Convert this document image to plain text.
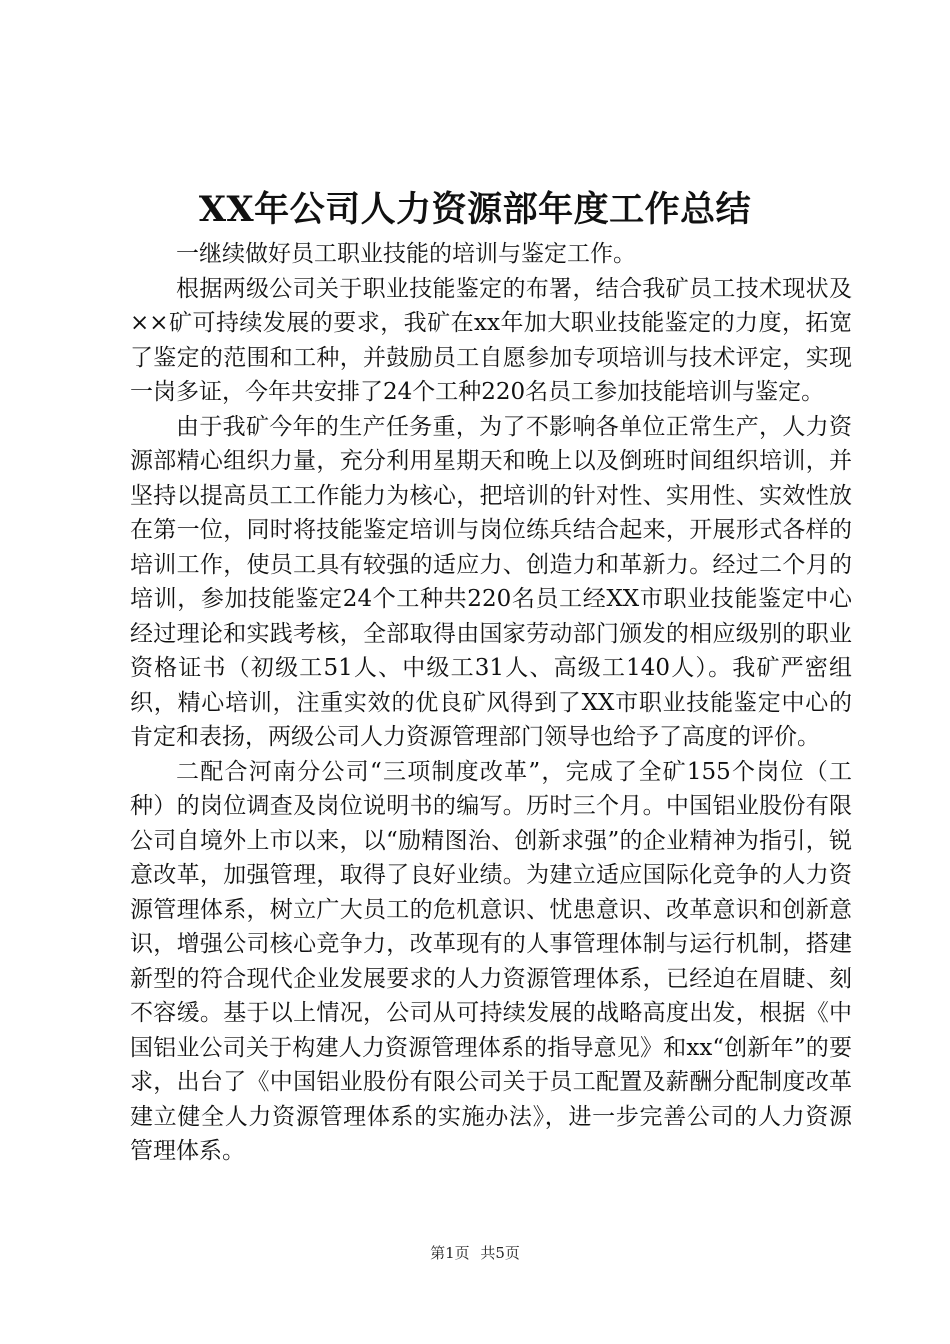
XX年公司人力资源部年度工作总结

一继续做好员工职业技能的培训与鉴定工作。

根据两级公司关于职业技能鉴定的布署，结合我矿员工技术现状及××矿可持续发展的要求，我矿在xx年加大职业技能鉴定的力度，拓宽了鉴定的范围和工种，并鼓励员工自愿参加专项培训与技术评定，实现一岗多证，今年共安排了24个工种220名员工参加技能培训与鉴定。

由于我矿今年的生产任务重，为了不影响各单位正常生产，人力资源部精心组织力量，充分利用星期天和晚上以及倒班时间组织培训，并坚持以提高员工工作能力为核心，把培训的针对性、实用性、实效性放在第一位，同时将技能鉴定培训与岗位练兵结合起来，开展形式各样的培训工作，使员工具有较强的适应力、创造力和革新力。经过二个月的培训，参加技能鉴定24个工种共220名员工经XX市职业技能鉴定中心经过理论和实践考核，全部取得由国家劳动部门颁发的相应级别的职业资格证书（初级工51人、中级工31人、高级工140人）。我矿严密组织，精心培训，注重实效的优良矿风得到了XX市职业技能鉴定中心的肯定和表扬，两级公司人力资源管理部门领导也给予了高度的评价。

二配合河南分公司“三项制度改革”，完成了全矿155个岗位（工种）的岗位调查及岗位说明书的编写。历时三个月。中国铝业股份有限公司自境外上市以来，以“励精图治、创新求强”的企业精神为指引，锐意改革，加强管理，取得了良好业绩。为建立适应国际化竞争的人力资源管理体系，树立广大员工的危机意识、忧患意识、改革意识和创新意识，增强公司核心竞争力，改革现有的人事管理体制与运行机制，搭建新型的符合现代企业发展要求的人力资源管理体系，已经迫在眉睫、刻不容缓。基于以上情况，公司从可持续发展的战略高度出发，根据《中国铝业公司关于构建人力资源管理体系的指导意见》和xx“创新年”的要求，出台了《中国铝业股份有限公司关于员工配置及薪酬分配制度改革建立健全人力资源管理体系的实施办法》，进一步完善公司的人力资源管理体系。

第1页 共5页
